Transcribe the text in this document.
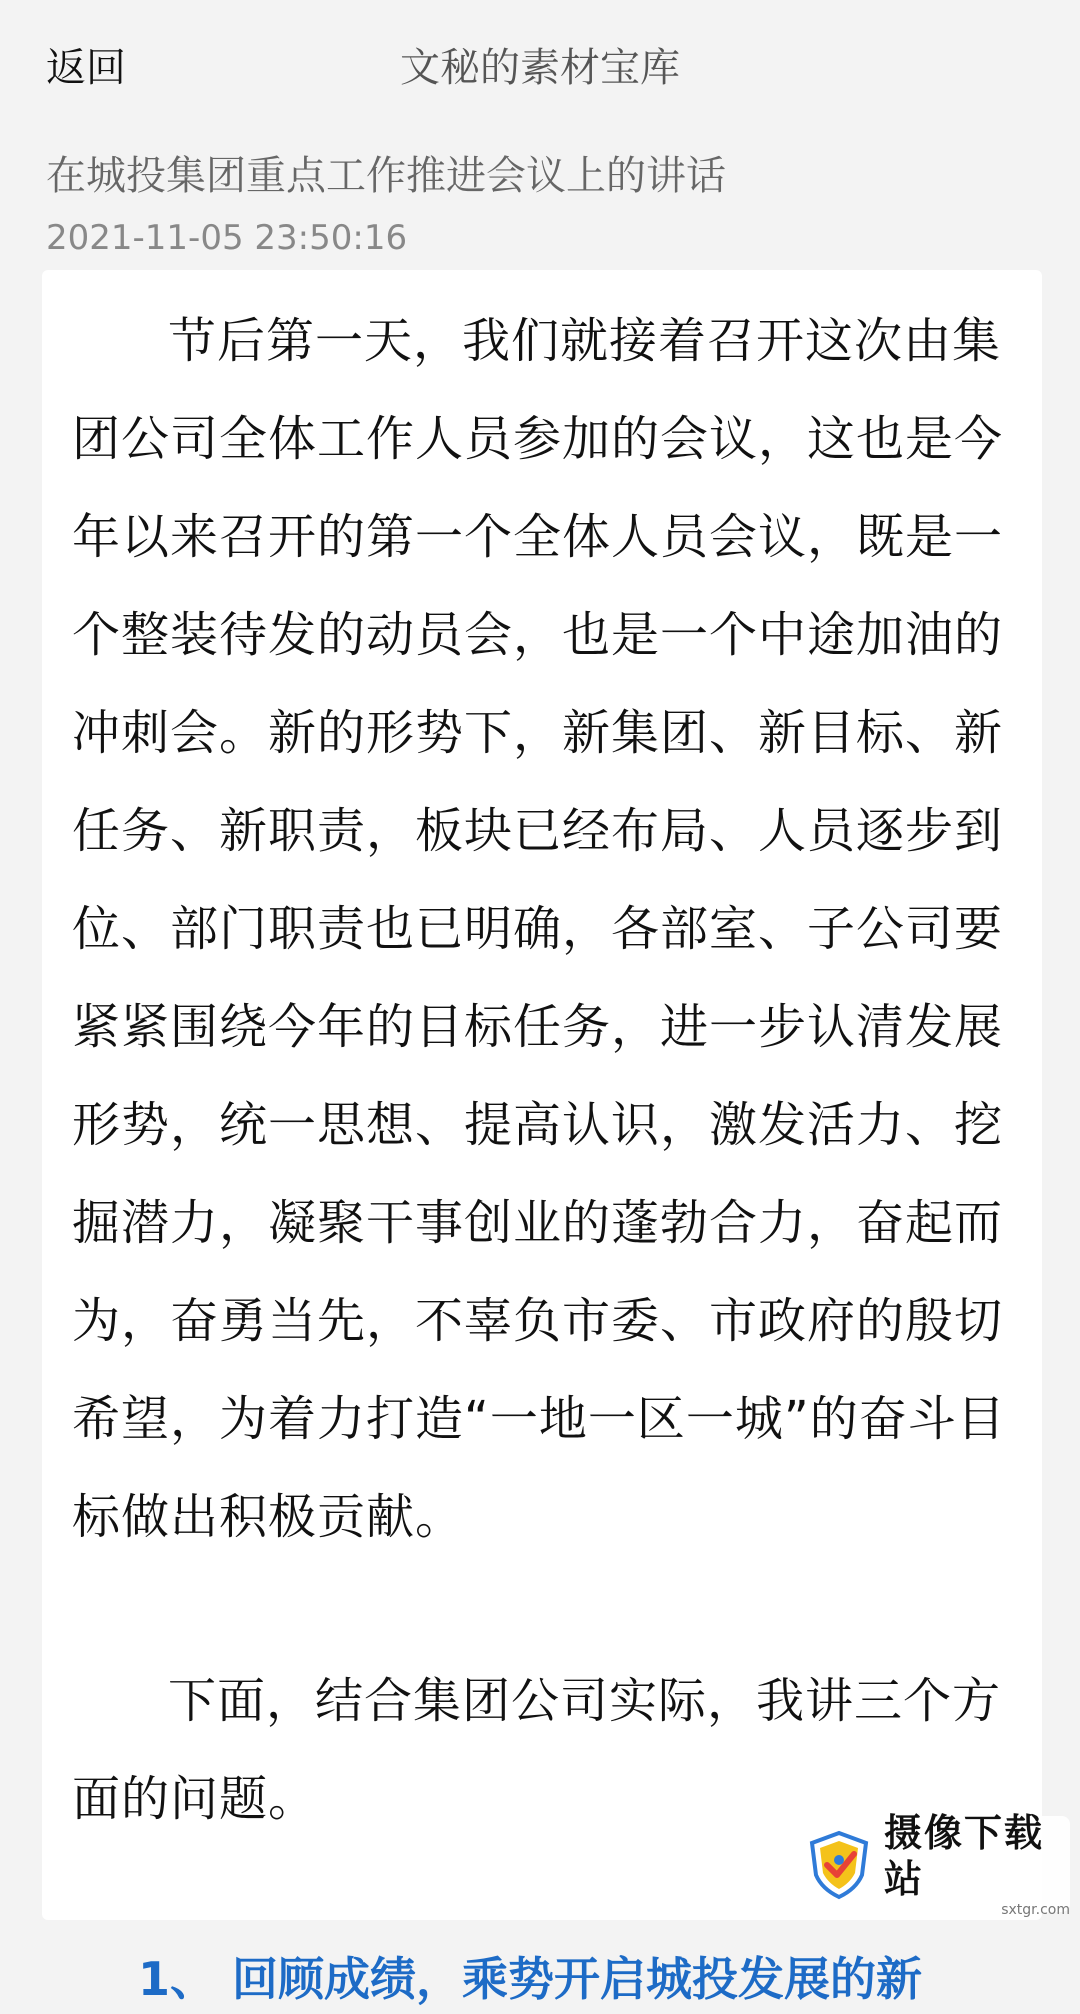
返回	文秘的素材宝库
在城投集团重点工作推进会议上的讲话
2021-11-05 23:50:16

节后第一天，我们就接着召开这次由集团公司全体工作人员参加的会议，这也是今年以来召开的第一个全体人员会议，既是一个整装待发的动员会，也是一个中途加油的冲刺会。新的形势下，新集团、新目标、新任务、新职责，板块已经布局、人员逐步到位、部门职责也已明确，各部室、子公司要紧紧围绕今年的目标任务，进一步认清发展形势，统一思想、提高认识，激发活力、挖掘潜力，凝聚干事创业的蓬勃合力，奋起而为，奋勇当先，不辜负市委、市政府的殷切希望，为着力打造“一地一区一城”的奋斗目标做出积极贡献。

下面，结合集团公司实际，我讲三个方面的问题。

1、 回顾成绩，乘势开启城投发展的新
摄像下载站
sxtgr.com
